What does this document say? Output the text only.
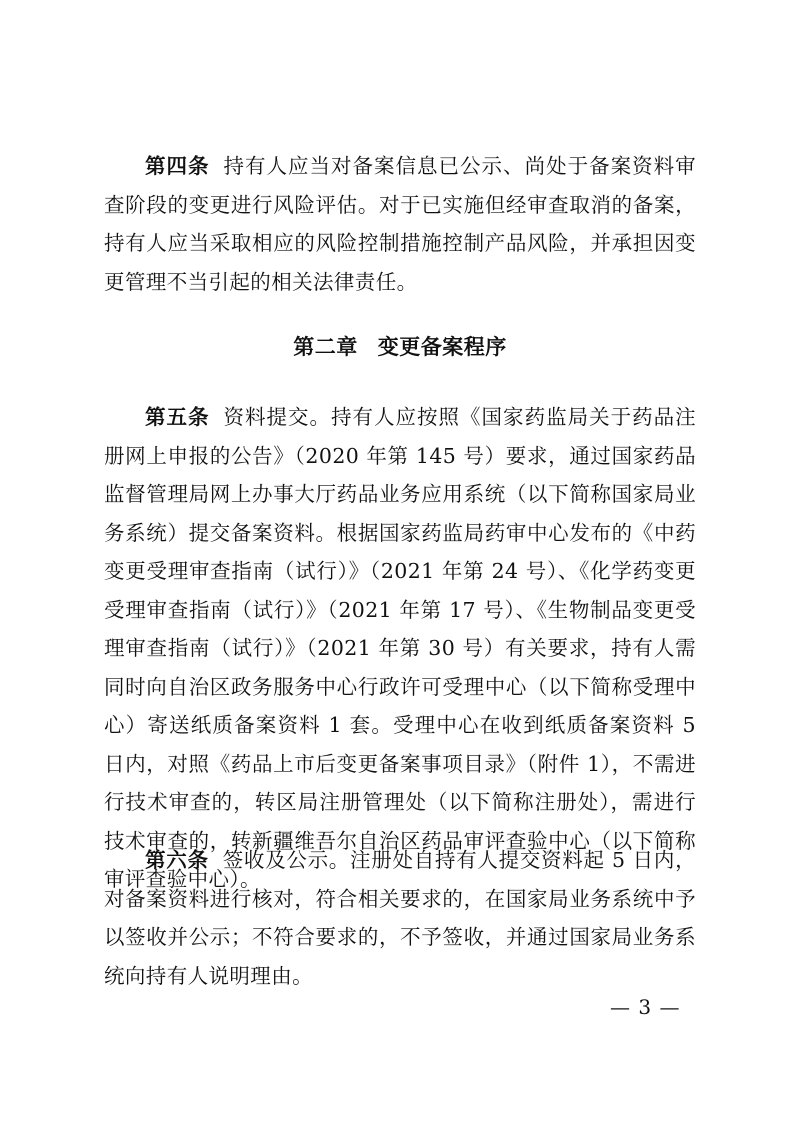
第四条 持有人应当对备案信息已公示、尚处于备案资料审查阶段的变更进行风险评估。对于已实施但经审查取消的备案，持有人应当采取相应的风险控制措施控制产品风险，并承担因变更管理不当引起的相关法律责任。

第二章 变更备案程序

第五条 资料提交。持有人应按照《国家药监局关于药品注册网上申报的公告》（2020 年第 145 号）要求，通过国家药品监督管理局网上办事大厅药品业务应用系统（以下简称国家局业务系统）提交备案资料。根据国家药监局药审中心发布的《中药变更受理审查指南（试行）》（2021 年第 24 号）、《化学药变更受理审查指南（试行）》（2021 年第 17 号）、《生物制品变更受理审查指南（试行）》（2021 年第 30 号）有关要求，持有人需同时向自治区政务服务中心行政许可受理中心（以下简称受理中心）寄送纸质备案资料 1 套。受理中心在收到纸质备案资料 5 日内，对照《药品上市后变更备案事项目录》（附件 1），不需进行技术审查的，转区局注册管理处（以下简称注册处），需进行技术审查的，转新疆维吾尔自治区药品审评查验中心（以下简称审评查验中心）。

第六条 签收及公示。注册处自持有人提交资料起 5 日内，对备案资料进行核对，符合相关要求的，在国家局业务系统中予以签收并公示；不符合要求的，不予签收，并通过国家局业务系统向持有人说明理由。

— 3 —
